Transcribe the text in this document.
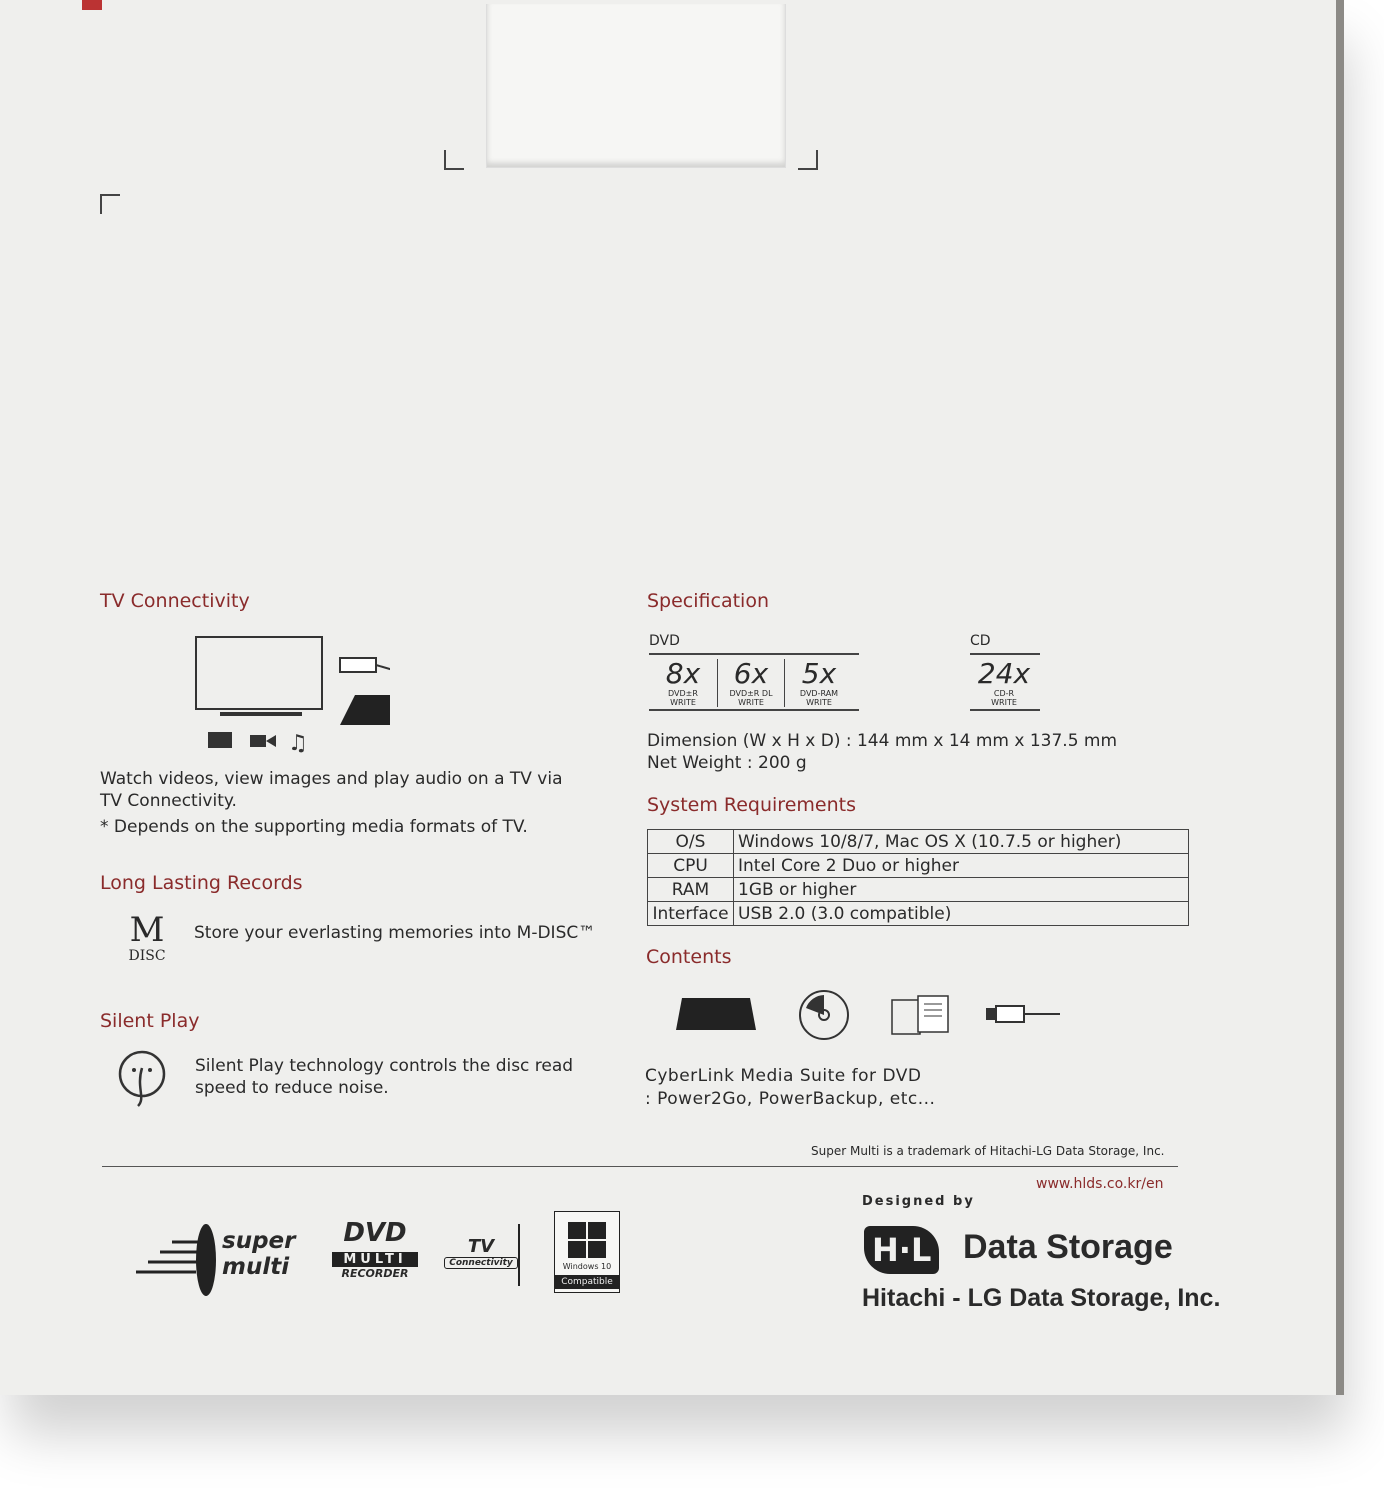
TV Connectivity
♫
Watch videos, view images and play audio on a TV via TV Connectivity.
* Depends on the supporting media formats of TV.
Long Lasting Records
M
DISC
Store your everlasting memories into M-DISC™
Silent Play
Silent Play technology controls the disc read speed to reduce noise.
Specification
DVD
8x
DVD±R
WRITE
6x
DVD±R DL
WRITE
5x
DVD-RAM
WRITE
CD
24x
CD-R
WRITE
Dimension (W x H x D) : 144 mm x 14 mm x 137.5 mm
Net Weight : 200 g
System Requirements
O/S	Windows 10/8/7, Mac OS X (10.7.5 or higher)
CPU	Intel Core 2 Duo or higher
RAM	1GB or higher
Interface	USB 2.0 (3.0 compatible)
Contents
CyberLink Media Suite for DVD
: Power2Go, PowerBackup, etc...
Super Multi is a trademark of Hitachi-LG Data Storage, Inc.
www.hlds.co.kr/en
Designed by
H·L Data Storage
Hitachi - LG Data Storage, Inc.
super
multi
DVD
MULTI
RECORDER
TV
Connectivity	Windows 10
Compatible
